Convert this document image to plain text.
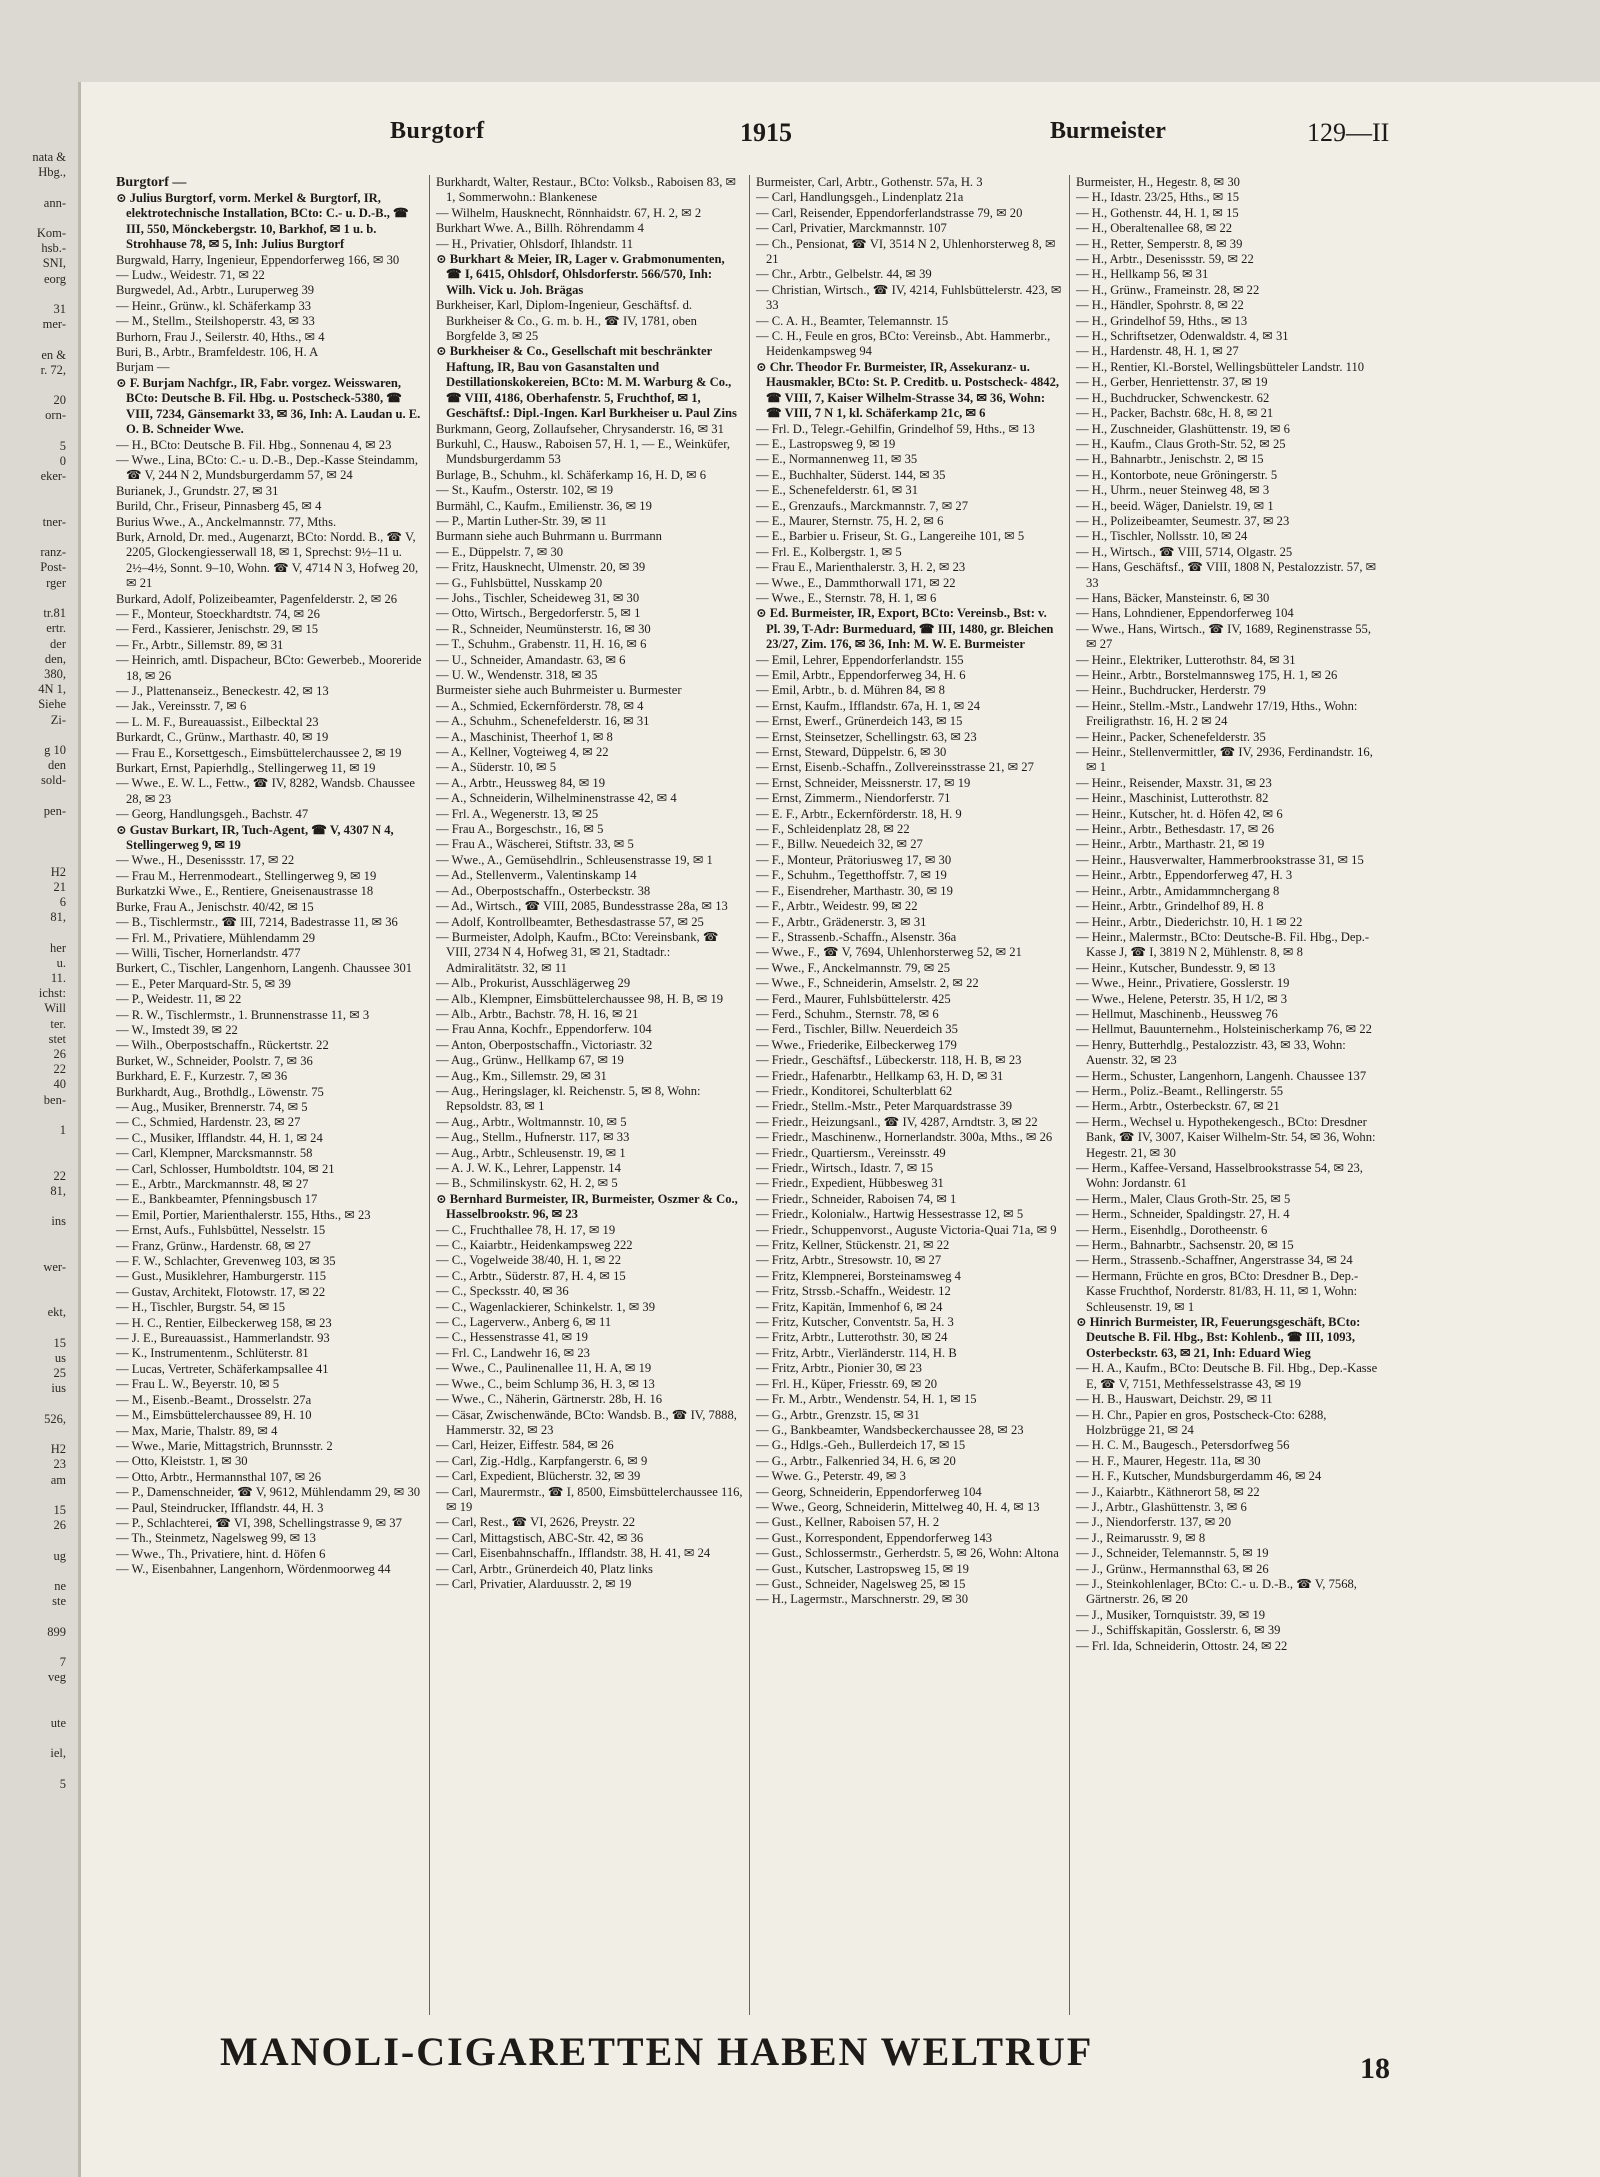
nata &
Hbg.,

ann-

Kom-
hsb.-
SNI,
eorg

31
mer-

en &
r. 72,

20
orn-

5
0
eker-

tner-

ranz-
Post-
rger

tr.81
ertr.
der
den,
380,
4N 1,
Siehe
Zi-

g 10
den
sold-

pen-

H2
21
6
81,

her
u.
11.
ichst:
Will
ter.
stet
26
22
40
ben-

1

22
81,

ins

wer-

ekt,

15
us
25
ius

526,

H2
23
am

15
26

ug

ne
ste

899

7
veg

ute

iel,

5
Burgtorf	1915	Burmeister	129—II
Burgtorf —
⊙ Julius Burgtorf, vorm. Merkel & Burgtorf, IR, elektrotechnische Installation, BCto: C.- u. D.-B., ☎ III, 550, Mönckebergstr. 10, Barkhof, ✉ 1 u. b. Strohhause 78, ✉ 5, Inh: Julius Burgtorf
Burgwald, Harry, Ingenieur, Eppendorferweg 166, ✉ 30
— Ludw., Weidestr. 71, ✉ 22
Burgwedel, Ad., Arbtr., Luruperweg 39
— Heinr., Grünw., kl. Schäferkamp 33
— M., Stellm., Steilshoperstr. 43, ✉ 33
Burhorn, Frau J., Seilerstr. 40, Hths., ✉ 4
Buri, B., Arbtr., Bramfeldestr. 106, H. A
Burjam —
⊙ F. Burjam Nachfgr., IR, Fabr. vorgez. Weisswaren, BCto: Deutsche B. Fil. Hbg. u. Postscheck-5380, ☎ VIII, 7234, Gänsemarkt 33, ✉ 36, Inh: A. Laudan u. E. O. B. Schneider Wwe.
— H., BCto: Deutsche B. Fil. Hbg., Sonnenau 4, ✉ 23
— Wwe., Lina, BCto: C.- u. D.-B., Dep.-Kasse Steindamm, ☎ V, 244 N 2, Mundsburgerdamm 57, ✉ 24
Burianek, J., Grundstr. 27, ✉ 31
Burild, Chr., Friseur, Pinnasberg 45, ✉ 4
Burius Wwe., A., Anckelmannstr. 77, Mths.
Burk, Arnold, Dr. med., Augenarzt, BCto: Nordd. B., ☎ V, 2205, Glockengiesserwall 18, ✉ 1, Sprechst: 9½–11 u. 2½–4½, Sonnt. 9–10, Wohn. ☎ V, 4714 N 3, Hofweg 20, ✉ 21
Burkard, Adolf, Polizeibeamter, Pagenfelderstr. 2, ✉ 26
— F., Monteur, Stoeckhardtstr. 74, ✉ 26
— Ferd., Kassierer, Jenischstr. 29, ✉ 15
— Fr., Arbtr., Sillemstr. 89, ✉ 31
— Heinrich, amtl. Dispacheur, BCto: Gewerbeb., Mooreride 18, ✉ 26
— J., Plattenanseiz., Beneckestr. 42, ✉ 13
— Jak., Vereinsstr. 7, ✉ 6
— L. M. F., Bureauassist., Eilbecktal 23
Burkardt, C., Grünw., Marthastr. 40, ✉ 19
— Frau E., Korsettgesch., Eimsbüttelerchaussee 2, ✉ 19
Burkart, Ernst, Papierhdlg., Stellingerweg 11, ✉ 19
— Wwe., E. W. L., Fettw., ☎ IV, 8282, Wandsb. Chaussee 28, ✉ 23
— Georg, Handlungsgeh., Bachstr. 47
⊙ Gustav Burkart, IR, Tuch-Agent, ☎ V, 4307 N 4, Stellingerweg 9, ✉ 19
— Wwe., H., Desenissstr. 17, ✉ 22
— Frau M., Herrenmodeart., Stellingerweg 9, ✉ 19
Burkatzki Wwe., E., Rentiere, Gneisenaustrasse 18
Burke, Frau A., Jenischstr. 40/42, ✉ 15
— B., Tischlermstr., ☎ III, 7214, Badestrasse 11, ✉ 36
— Frl. M., Privatiere, Mühlendamm 29
— Willi, Tischer, Hornerlandstr. 477
Burkert, C., Tischler, Langenhorn, Langenh. Chaussee 301
— E., Peter Marquard-Str. 5, ✉ 39
— P., Weidestr. 11, ✉ 22
— R. W., Tischlermstr., 1. Brunnenstrasse 11, ✉ 3
— W., Imstedt 39, ✉ 22
— Wilh., Oberpostschaffn., Rückertstr. 22
Burket, W., Schneider, Poolstr. 7, ✉ 36
Burkhard, E. F., Kurzestr. 7, ✉ 36
Burkhardt, Aug., Brothdlg., Löwenstr. 75
— Aug., Musiker, Brennerstr. 74, ✉ 5
— C., Schmied, Hardenstr. 23, ✉ 27
— C., Musiker, Ifflandstr. 44, H. 1, ✉ 24
— Carl, Klempner, Marcksmannstr. 58
— Carl, Schlosser, Humboldtstr. 104, ✉ 21
— E., Arbtr., Marckmannstr. 48, ✉ 27
— E., Bankbeamter, Pfenningsbusch 17
— Emil, Portier, Marienthalerstr. 155, Hths., ✉ 23
— Ernst, Aufs., Fuhlsbüttel, Nesselstr. 15
— Franz, Grünw., Hardenstr. 68, ✉ 27
— F. W., Schlachter, Grevenweg 103, ✉ 35
— Gust., Musiklehrer, Hamburgerstr. 115
— Gustav, Architekt, Flotowstr. 17, ✉ 22
— H., Tischler, Burgstr. 54, ✉ 15
— H. C., Rentier, Eilbeckerweg 158, ✉ 23
— J. E., Bureauassist., Hammerlandstr. 93
— K., Instrumentenm., Schlüterstr. 81
— Lucas, Vertreter, Schäferkampsallee 41
— Frau L. W., Beyerstr. 10, ✉ 5
— M., Eisenb.-Beamt., Drosselstr. 27a
— M., Eimsbüttelerchaussee 89, H. 10
— Max, Marie, Thalstr. 89, ✉ 4
— Wwe., Marie, Mittagstrich, Brunnsstr. 2
— Otto, Kleiststr. 1, ✉ 30
— Otto, Arbtr., Hermannsthal 107, ✉ 26
— P., Damenschneider, ☎ V, 9612, Mühlendamm 29, ✉ 30
— Paul, Steindrucker, Ifflandstr. 44, H. 3
— P., Schlachterei, ☎ VI, 398, Schellingstrasse 9, ✉ 37
— Th., Steinmetz, Nagelsweg 99, ✉ 13
— Wwe., Th., Privatiere, hint. d. Höfen 6
— W., Eisenbahner, Langenhorn, Wördenmoorweg 44
Burkhardt, Walter, Restaur., BCto: Volksb., Raboisen 83, ✉ 1, Sommerwohn.: Blankenese
— Wilhelm, Hausknecht, Rönnhaidstr. 67, H. 2, ✉ 2
Burkhart Wwe. A., Billh. Röhrendamm 4
— H., Privatier, Ohlsdorf, Ihlandstr. 11
⊙ Burkhart & Meier, IR, Lager v. Grabmonumenten, ☎ I, 6415, Ohlsdorf, Ohlsdorferstr. 566/570, Inh: Wilh. Vick u. Joh. Brägas
Burkheiser, Karl, Diplom-Ingenieur, Geschäftsf. d. Burkheiser & Co., G. m. b. H., ☎ IV, 1781, oben Borgfelde 3, ✉ 25
⊙ Burkheiser & Co., Gesellschaft mit beschränkter Haftung, IR, Bau von Gasanstalten und Destillationskokereien, BCto: M. M. Warburg & Co., ☎ VIII, 4186, Oberhafenstr. 5, Fruchthof, ✉ 1, Geschäftsf.: Dipl.-Ingen. Karl Burkheiser u. Paul Zins
Burkmann, Georg, Zollaufseher, Chrysanderstr. 16, ✉ 31
Burkuhl, C., Hausw., Raboisen 57, H. 1, — E., Weinküfer, Mundsburgerdamm 53
Burlage, B., Schuhm., kl. Schäferkamp 16, H. D, ✉ 6
— St., Kaufm., Osterstr. 102, ✉ 19
Burmähl, C., Kaufm., Emilienstr. 36, ✉ 19
— P., Martin Luther-Str. 39, ✉ 11
Burmann siehe auch Buhrmann u. Burrmann
— E., Düppelstr. 7, ✉ 30
— Fritz, Hausknecht, Ulmenstr. 20, ✉ 39
— G., Fuhlsbüttel, Nusskamp 20
— Johs., Tischler, Scheideweg 31, ✉ 30
— Otto, Wirtsch., Bergedorferstr. 5, ✉ 1
— R., Schneider, Neumünsterstr. 16, ✉ 30
— T., Schuhm., Grabenstr. 11, H. 16, ✉ 6
— U., Schneider, Amandastr. 63, ✉ 6
— U. W., Wendenstr. 318, ✉ 35
Burmeister siehe auch Buhrmeister u. Burmester
— A., Schmied, Eckernförderstr. 78, ✉ 4
— A., Schuhm., Schenefelderstr. 16, ✉ 31
— A., Maschinist, Theerhof 1, ✉ 8
— A., Kellner, Vogteiweg 4, ✉ 22
— A., Süderstr. 10, ✉ 5
— A., Arbtr., Heussweg 84, ✉ 19
— A., Schneiderin, Wilhelminenstrasse 42, ✉ 4
— Frl. A., Wegenerstr. 13, ✉ 25
— Frau A., Borgeschstr., 16, ✉ 5
— Frau A., Wäscherei, Stiftstr. 33, ✉ 5
— Wwe., A., Gemüsehdlrin., Schleusenstrasse 19, ✉ 1
— Ad., Stellenverm., Valentinskamp 14
— Ad., Oberpostschaffn., Osterbeckstr. 38
— Ad., Wirtsch., ☎ VIII, 2085, Bundesstrasse 28a, ✉ 13
— Adolf, Kontrollbeamter, Bethesdastrasse 57, ✉ 25
— Burmeister, Adolph, Kaufm., BCto: Vereinsbank, ☎ VIII, 2734 N 4, Hofweg 31, ✉ 21, Stadtadr.: Admiralitätstr. 32, ✉ 11
— Alb., Prokurist, Ausschlägerweg 29
— Alb., Klempner, Eimsbüttelerchaussee 98, H. B, ✉ 19
— Alb., Arbtr., Bachstr. 78, H. 16, ✉ 21
— Frau Anna, Kochfr., Eppendorferw. 104
— Anton, Oberpostschaffn., Victoriastr. 32
— Aug., Grünw., Hellkamp 67, ✉ 19
— Aug., Km., Sillemstr. 29, ✉ 31
— Aug., Heringslager, kl. Reichenstr. 5, ✉ 8, Wohn: Repsoldstr. 83, ✉ 1
— Aug., Arbtr., Woltmannstr. 10, ✉ 5
— Aug., Stellm., Hufnerstr. 117, ✉ 33
— Aug., Arbtr., Schleusenstr. 19, ✉ 1
— A. J. W. K., Lehrer, Lappenstr. 14
— B., Schmilinskystr. 62, H. 2, ✉ 5
⊙ Bernhard Burmeister, IR, Burmeister, Oszmer & Co., Hasselbrookstr. 96, ✉ 23
— C., Fruchthallee 78, H. 17, ✉ 19
— C., Kaiarbtr., Heidenkampsweg 222
— C., Vogelweide 38/40, H. 1, ✉ 22
— C., Arbtr., Süderstr. 87, H. 4, ✉ 15
— C., Specksstr. 40, ✉ 36
— C., Wagenlackierer, Schinkelstr. 1, ✉ 39
— C., Lagerverw., Anberg 6, ✉ 11
— C., Hessenstrasse 41, ✉ 19
— Frl. C., Landwehr 16, ✉ 23
— Wwe., C., Paulinenallee 11, H. A, ✉ 19
— Wwe., C., beim Schlump 36, H. 3, ✉ 13
— Wwe., C., Näherin, Gärtnerstr. 28b, H. 16
— Cäsar, Zwischenwände, BCto: Wandsb. B., ☎ IV, 7888, Hammerstr. 32, ✉ 23
— Carl, Heizer, Eiffestr. 584, ✉ 26
— Carl, Zig.-Hdlg., Karpfangerstr. 6, ✉ 9
— Carl, Expedient, Blücherstr. 32, ✉ 39
— Carl, Maurermstr., ☎ I, 8500, Eimsbüttelerchaussee 116, ✉ 19
— Carl, Rest., ☎ VI, 2626, Preystr. 22
— Carl, Mittagstisch, ABC-Str. 42, ✉ 36
— Carl, Eisenbahnschaffn., Ifflandstr. 38, H. 41, ✉ 24
— Carl, Arbtr., Grünerdeich 40, Platz links
— Carl, Privatier, Alarduusstr. 2, ✉ 19
Burmeister, Carl, Arbtr., Gothenstr. 57a, H. 3
— Carl, Handlungsgeh., Lindenplatz 21a
— Carl, Reisender, Eppendorferlandstrasse 79, ✉ 20
— Carl, Privatier, Marckmannstr. 107
— Ch., Pensionat, ☎ VI, 3514 N 2, Uhlenhorsterweg 8, ✉ 21
— Chr., Arbtr., Gelbelstr. 44, ✉ 39
— Christian, Wirtsch., ☎ IV, 4214, Fuhlsbüttelerstr. 423, ✉ 33
— C. A. H., Beamter, Telemannstr. 15
— C. H., Feule en gros, BCto: Vereinsb., Abt. Hammerbr., Heidenkampsweg 94
⊙ Chr. Theodor Fr. Burmeister, IR, Assekuranz- u. Hausmakler, BCto: St. P. Creditb. u. Postscheck- 4842, ☎ VIII, 7, Kaiser Wilhelm-Strasse 34, ✉ 36, Wohn: ☎ VIII, 7 N 1, kl. Schäferkamp 21c, ✉ 6
— Frl. D., Telegr.-Gehilfin, Grindelhof 59, Hths., ✉ 13
— E., Lastropsweg 9, ✉ 19
— E., Normannenweg 11, ✉ 35
— E., Buchhalter, Süderst. 144, ✉ 35
— E., Schenefelderstr. 61, ✉ 31
— E., Grenzaufs., Marckmannstr. 7, ✉ 27
— E., Maurer, Sternstr. 75, H. 2, ✉ 6
— E., Barbier u. Friseur, St. G., Langereihe 101, ✉ 5
— Frl. E., Kolbergstr. 1, ✉ 5
— Frau E., Marienthalerstr. 3, H. 2, ✉ 23
— Wwe., E., Dammthorwall 171, ✉ 22
— Wwe., E., Sternstr. 78, H. 1, ✉ 6
⊙ Ed. Burmeister, IR, Export, BCto: Vereinsb., Bst: v. Pl. 39, T-Adr: Burmeduard, ☎ III, 1480, gr. Bleichen 23/27, Zim. 176, ✉ 36, Inh: M. W. E. Burmeister
— Emil, Lehrer, Eppendorferlandstr. 155
— Emil, Arbtr., Eppendorferweg 34, H. 6
— Emil, Arbtr., b. d. Mühren 84, ✉ 8
— Ernst, Kaufm., Ifflandstr. 67a, H. 1, ✉ 24
— Ernst, Ewerf., Grünerdeich 143, ✉ 15
— Ernst, Steinsetzer, Schellingstr. 63, ✉ 23
— Ernst, Steward, Düppelstr. 6, ✉ 30
— Ernst, Eisenb.-Schaffn., Zollvereinsstrasse 21, ✉ 27
— Ernst, Schneider, Meissnerstr. 17, ✉ 19
— Ernst, Zimmerm., Niendorferstr. 71
— E. F., Arbtr., Eckernförderstr. 18, H. 9
— F., Schleidenplatz 28, ✉ 22
— F., Billw. Neuedeich 32, ✉ 27
— F., Monteur, Prätoriusweg 17, ✉ 30
— F., Schuhm., Tegetthoffstr. 7, ✉ 19
— F., Eisendreher, Marthastr. 30, ✉ 19
— F., Arbtr., Weidestr. 99, ✉ 22
— F., Arbtr., Grädenerstr. 3, ✉ 31
— F., Strassenb.-Schaffn., Alsenstr. 36a
— Wwe., F., ☎ V, 7694, Uhlenhorsterweg 52, ✉ 21
— Wwe., F., Anckelmannstr. 79, ✉ 25
— Wwe., F., Schneiderin, Amselstr. 2, ✉ 22
— Ferd., Maurer, Fuhlsbüttelerstr. 425
— Ferd., Schuhm., Sternstr. 78, ✉ 6
— Ferd., Tischler, Billw. Neuerdeich 35
— Wwe., Friederike, Eilbeckerweg 179
— Friedr., Geschäftsf., Lübeckerstr. 118, H. B, ✉ 23
— Friedr., Hafenarbtr., Hellkamp 63, H. D, ✉ 31
— Friedr., Konditorei, Schulterblatt 62
— Friedr., Stellm.-Mstr., Peter Marquardstrasse 39
— Friedr., Heizungsanl., ☎ IV, 4287, Arndtstr. 3, ✉ 22
— Friedr., Maschinenw., Hornerlandstr. 300a, Mths., ✉ 26
— Friedr., Quartiersm., Vereinsstr. 49
— Friedr., Wirtsch., Idastr. 7, ✉ 15
— Friedr., Expedient, Hübbesweg 31
— Friedr., Schneider, Raboisen 74, ✉ 1
— Friedr., Kolonialw., Hartwig Hessestrasse 12, ✉ 5
— Friedr., Schuppenvorst., Auguste Victoria-Quai 71a, ✉ 9
— Fritz, Kellner, Stückenstr. 21, ✉ 22
— Fritz, Arbtr., Stresowstr. 10, ✉ 27
— Fritz, Klempnerei, Borsteinamsweg 4
— Fritz, Strssb.-Schaffn., Weidestr. 12
— Fritz, Kapitän, Immenhof 6, ✉ 24
— Fritz, Kutscher, Conventstr. 5a, H. 3
— Fritz, Arbtr., Lutterothstr. 30, ✉ 24
— Fritz, Arbtr., Vierländerstr. 114, H. B
— Fritz, Arbtr., Pionier 30, ✉ 23
— Frl. H., Küper, Friesstr. 69, ✉ 20
— Fr. M., Arbtr., Wendenstr. 54, H. 1, ✉ 15
— G., Arbtr., Grenzstr. 15, ✉ 31
— G., Bankbeamter, Wandsbeckerchaussee 28, ✉ 23
— G., Hdlgs.-Geh., Bullerdeich 17, ✉ 15
— G., Arbtr., Falkenried 34, H. 6, ✉ 20
— Wwe. G., Peterstr. 49, ✉ 3
— Georg, Schneiderin, Eppendorferweg 104
— Wwe., Georg, Schneiderin, Mittelweg 40, H. 4, ✉ 13
— Gust., Kellner, Raboisen 57, H. 2
— Gust., Korrespondent, Eppendorferweg 143
— Gust., Schlossermstr., Gerherdstr. 5, ✉ 26, Wohn: Altona
— Gust., Kutscher, Lastropsweg 15, ✉ 19
— Gust., Schneider, Nagelsweg 25, ✉ 15
— H., Lagermstr., Marschnerstr. 29, ✉ 30
Burmeister, H., Hegestr. 8, ✉ 30
— H., Idastr. 23/25, Hths., ✉ 15
— H., Gothenstr. 44, H. 1, ✉ 15
— H., Oberaltenallee 68, ✉ 22
— H., Retter, Semperstr. 8, ✉ 39
— H., Arbtr., Desenissstr. 59, ✉ 22
— H., Hellkamp 56, ✉ 31
— H., Grünw., Frameinstr. 28, ✉ 22
— H., Händler, Spohrstr. 8, ✉ 22
— H., Grindelhof 59, Hths., ✉ 13
— H., Schriftsetzer, Odenwaldstr. 4, ✉ 31
— H., Hardenstr. 48, H. 1, ✉ 27
— H., Rentier, Kl.-Borstel, Wellingsbütteler Landstr. 110
— H., Gerber, Henriettenstr. 37, ✉ 19
— H., Buchdrucker, Schwenckestr. 62
— H., Packer, Bachstr. 68c, H. 8, ✉ 21
— H., Zuschneider, Glashüttenstr. 19, ✉ 6
— H., Kaufm., Claus Groth-Str. 52, ✉ 25
— H., Bahnarbtr., Jenischstr. 2, ✉ 15
— H., Kontorbote, neue Gröningerstr. 5
— H., Uhrm., neuer Steinweg 48, ✉ 3
— H., beeid. Wäger, Danielstr. 19, ✉ 1
— H., Polizeibeamter, Seumestr. 37, ✉ 23
— H., Tischler, Nollsstr. 10, ✉ 24
— H., Wirtsch., ☎ VIII, 5714, Olgastr. 25
— Hans, Geschäftsf., ☎ VIII, 1808 N, Pestalozzistr. 57, ✉ 33
— Hans, Bäcker, Mansteinstr. 6, ✉ 30
— Hans, Lohndiener, Eppendorferweg 104
— Wwe., Hans, Wirtsch., ☎ IV, 1689, Reginenstrasse 55, ✉ 27
— Heinr., Elektriker, Lutterothstr. 84, ✉ 31
— Heinr., Arbtr., Borstelmannsweg 175, H. 1, ✉ 26
— Heinr., Buchdrucker, Herderstr. 79
— Heinr., Stellm.-Mstr., Landwehr 17/19, Hths., Wohn: Freiligrathstr. 16, H. 2 ✉ 24
— Heinr., Packer, Schenefelderstr. 35
— Heinr., Stellenvermittler, ☎ IV, 2936, Ferdinandstr. 16, ✉ 1
— Heinr., Reisender, Maxstr. 31, ✉ 23
— Heinr., Maschinist, Lutterothstr. 82
— Heinr., Kutscher, ht. d. Höfen 42, ✉ 6
— Heinr., Arbtr., Bethesdastr. 17, ✉ 26
— Heinr., Arbtr., Marthastr. 21, ✉ 19
— Heinr., Hausverwalter, Hammerbrookstrasse 31, ✉ 15
— Heinr., Arbtr., Eppendorferweg 47, H. 3
— Heinr., Arbtr., Amidammnchergang 8
— Heinr., Arbtr., Grindelhof 89, H. 8
— Heinr., Arbtr., Diederichstr. 10, H. 1 ✉ 22
— Heinr., Malermstr., BCto: Deutsche-B. Fil. Hbg., Dep.-Kasse J, ☎ I, 3819 N 2, Mühlenstr. 8, ✉ 8
— Heinr., Kutscher, Bundesstr. 9, ✉ 13
— Wwe., Heinr., Privatiere, Gosslerstr. 19
— Wwe., Helene, Peterstr. 35, H 1/2, ✉ 3
— Hellmut, Maschinenb., Heussweg 76
— Hellmut, Bauunternehm., Holsteinischerkamp 76, ✉ 22
— Henry, Butterhdlg., Pestalozzistr. 43, ✉ 33, Wohn: Auenstr. 32, ✉ 23
— Herm., Schuster, Langenhorn, Langenh. Chaussee 137
— Herm., Poliz.-Beamt., Rellingerstr. 55
— Herm., Arbtr., Osterbeckstr. 67, ✉ 21
— Herm., Wechsel u. Hypothekengesch., BCto: Dresdner Bank, ☎ IV, 3007, Kaiser Wilhelm-Str. 54, ✉ 36, Wohn: Hegestr. 21, ✉ 30
— Herm., Kaffee-Versand, Hasselbrookstrasse 54, ✉ 23, Wohn: Jordanstr. 61
— Herm., Maler, Claus Groth-Str. 25, ✉ 5
— Herm., Schneider, Spaldingstr. 27, H. 4
— Herm., Eisenhdlg., Dorotheenstr. 6
— Herm., Bahnarbtr., Sachsenstr. 20, ✉ 15
— Herm., Strassenb.-Schaffner, Angerstrasse 34, ✉ 24
— Hermann, Früchte en gros, BCto: Dresdner B., Dep.-Kasse Fruchthof, Norderstr. 81/83, H. 11, ✉ 1, Wohn: Schleusenstr. 19, ✉ 1
⊙ Hinrich Burmeister, IR, Feuerungsgeschäft, BCto: Deutsche B. Fil. Hbg., Bst: Kohlenb., ☎ III, 1093, Osterbeckstr. 63, ✉ 21, Inh: Eduard Wieg
— H. A., Kaufm., BCto: Deutsche B. Fil. Hbg., Dep.-Kasse E, ☎ V, 7151, Methfesselstrasse 43, ✉ 19
— H. B., Hauswart, Deichstr. 29, ✉ 11
— H. Chr., Papier en gros, Postscheck-Cto: 6288, Holzbrügge 21, ✉ 24
— H. C. M., Baugesch., Petersdorfweg 56
— H. F., Maurer, Hegestr. 11a, ✉ 30
— H. F., Kutscher, Mundsburgerdamm 46, ✉ 24
— J., Kaiarbtr., Käthnerort 58, ✉ 22
— J., Arbtr., Glashüttenstr. 3, ✉ 6
— J., Niendorferstr. 137, ✉ 20
— J., Reimarusstr. 9, ✉ 8
— J., Schneider, Telemannstr. 5, ✉ 19
— J., Grünw., Hermannsthal 63, ✉ 26
— J., Steinkohlenlager, BCto: C.- u. D.-B., ☎ V, 7568, Gärtnerstr. 26, ✉ 20
— J., Musiker, Tornquiststr. 39, ✉ 19
— J., Schiffskapitän, Gosslerstr. 6, ✉ 39
— Frl. Ida, Schneiderin, Ottostr. 24, ✉ 22
MANOLI-CIGARETTEN HABEN WELTRUF	18
